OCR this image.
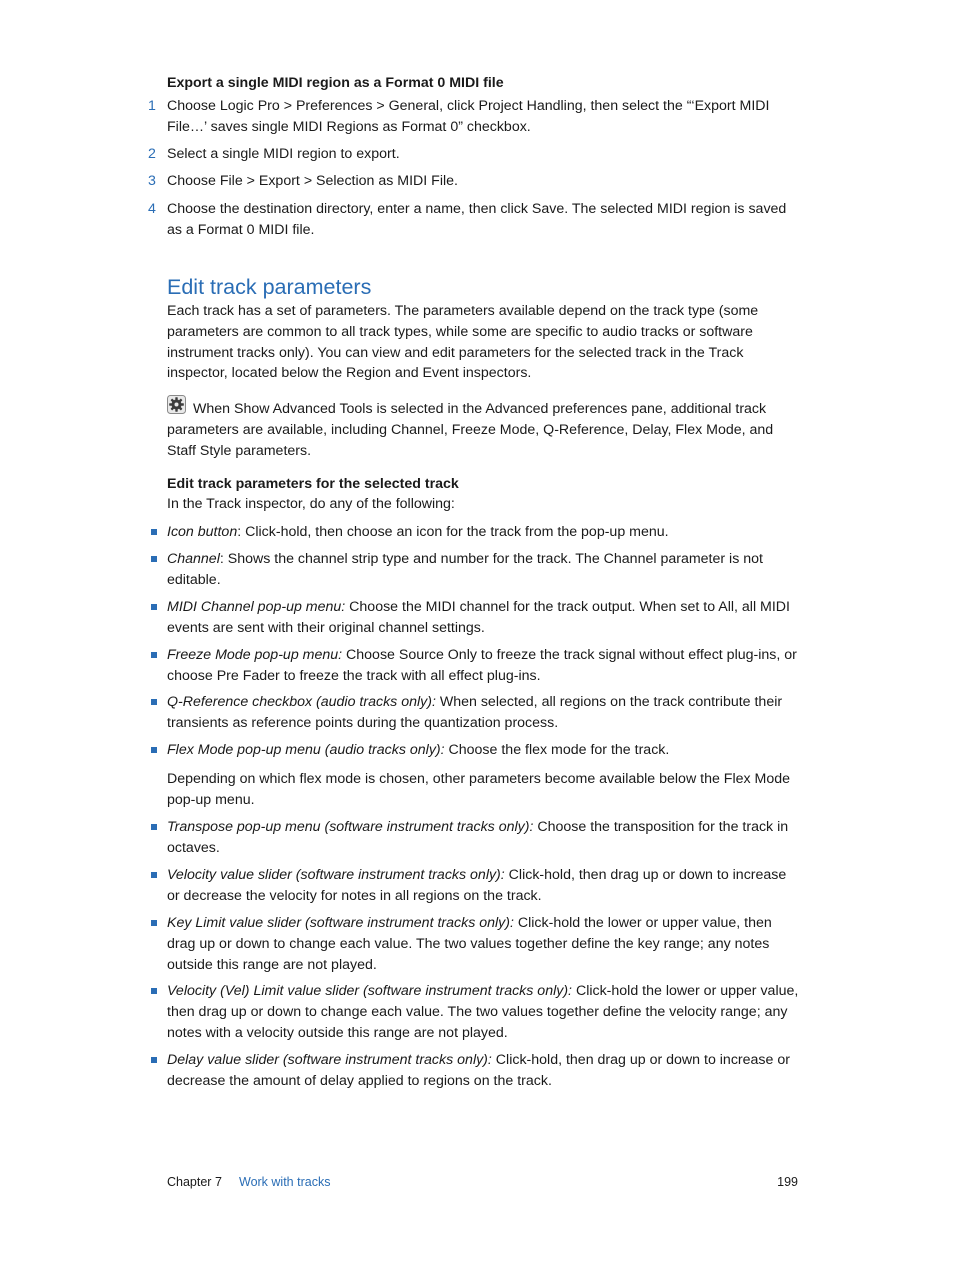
Export a single MIDI region as a Format 0 MIDI file
1 Choose Logic Pro > Preferences > General, click Project Handling, then select the “‘Export MIDI File…’ saves single MIDI Regions as Format 0” checkbox.
2 Select a single MIDI region to export.
3 Choose File > Export > Selection as MIDI File.
4 Choose the destination directory, enter a name, then click Save. The selected MIDI region is saved as a Format 0 MIDI file.
Edit track parameters

Each track has a set of parameters. The parameters available depend on the track type (some parameters are common to all track types, while some are specific to audio tracks or software instrument tracks only). You can view and edit parameters for the selected track in the Track inspector, located below the Region and Event inspectors.

When Show Advanced Tools is selected in the Advanced preferences pane, additional track parameters are available, including Channel, Freeze Mode, Q-Reference, Delay, Flex Mode, and Staff Style parameters.

Edit track parameters for the selected track

In the Track inspector, do any of the following:

Icon button: Click-hold, then choose an icon for the track from the pop-up menu.
Channel: Shows the channel strip type and number for the track. The Channel parameter is not editable.
MIDI Channel pop-up menu: Choose the MIDI channel for the track output. When set to All, all MIDI events are sent with their original channel settings.
Freeze Mode pop-up menu: Choose Source Only to freeze the track signal without effect plug-ins, or choose Pre Fader to freeze the track with all effect plug-ins.
Q-Reference checkbox (audio tracks only): When selected, all regions on the track contribute their transients as reference points during the quantization process.
Flex Mode pop-up menu (audio tracks only): Choose the flex mode for the track.

Depending on which flex mode is chosen, other parameters become available below the Flex Mode pop-up menu.

Transpose pop-up menu (software instrument tracks only): Choose the transposition for the track in octaves.
Velocity value slider (software instrument tracks only): Click-hold, then drag up or down to increase or decrease the velocity for notes in all regions on the track.
Key Limit value slider (software instrument tracks only): Click-hold the lower or upper value, then drag up or down to change each value. The two values together define the key range; any notes outside this range are not played.
Velocity (Vel) Limit value slider (software instrument tracks only): Click-hold the lower or upper value, then drag up or down to change each value. The two values together define the velocity range; any notes with a velocity outside this range are not played.
Delay value slider (software instrument tracks only): Click-hold, then drag up or down to increase or decrease the amount of delay applied to regions on the track.
Chapter 7 Work with tracks	199
